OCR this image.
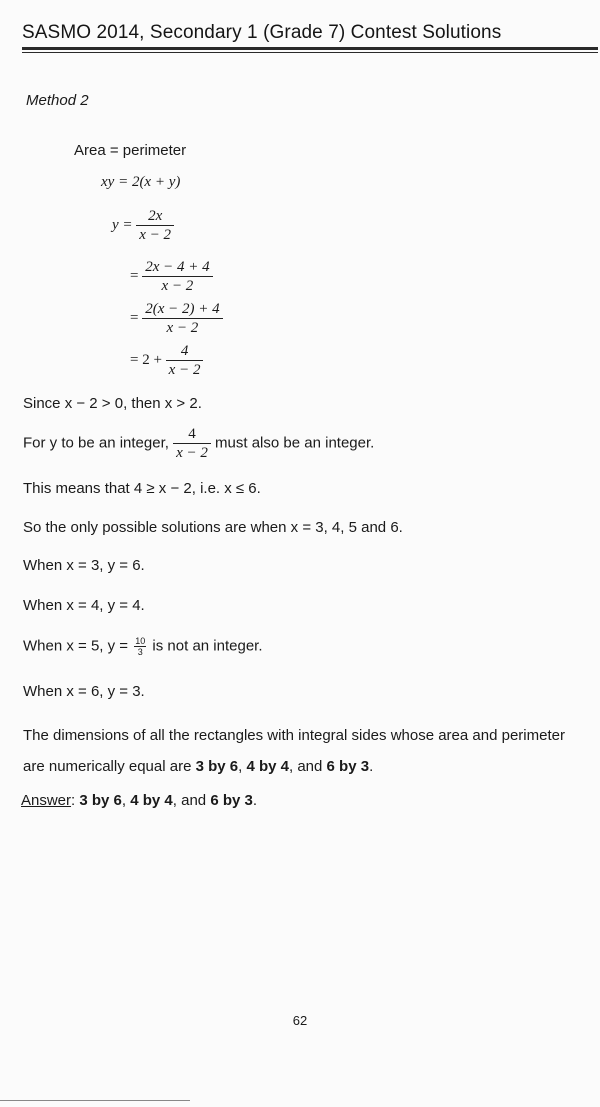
SASMO 2014, Secondary 1 (Grade 7) Contest Solutions
Method 2
Area = perimeter
xy = 2(x + y)
$y = \frac{2x}{x - 2}$
= $\frac{2x - 4 + 4}{x - 2}$
= $\frac{2(x - 2) + 4}{x - 2}$
= $2 + \frac{4}{x - 2}$
Since x − 2 > 0, then x > 2.
For y to be an integer, $\frac{4}{x - 2}$ must also be an integer.
This means that 4 ≥ x − 2, i.e. x ≤ 6.
So the only possible solutions are when x = 3, 4, 5 and 6.
When x = 3, y = 6.
When x = 4, y = 4.
When x = 5, $y = \frac{10}{3}$ is not an integer.
When x = 6, y = 3.
The dimensions of all the rectangles with integral sides whose area and perimeter are numerically equal are 3 by 6, 4 by 4, and 6 by 3.
Answer: 3 by 6, 4 by 4, and 6 by 3.
62
